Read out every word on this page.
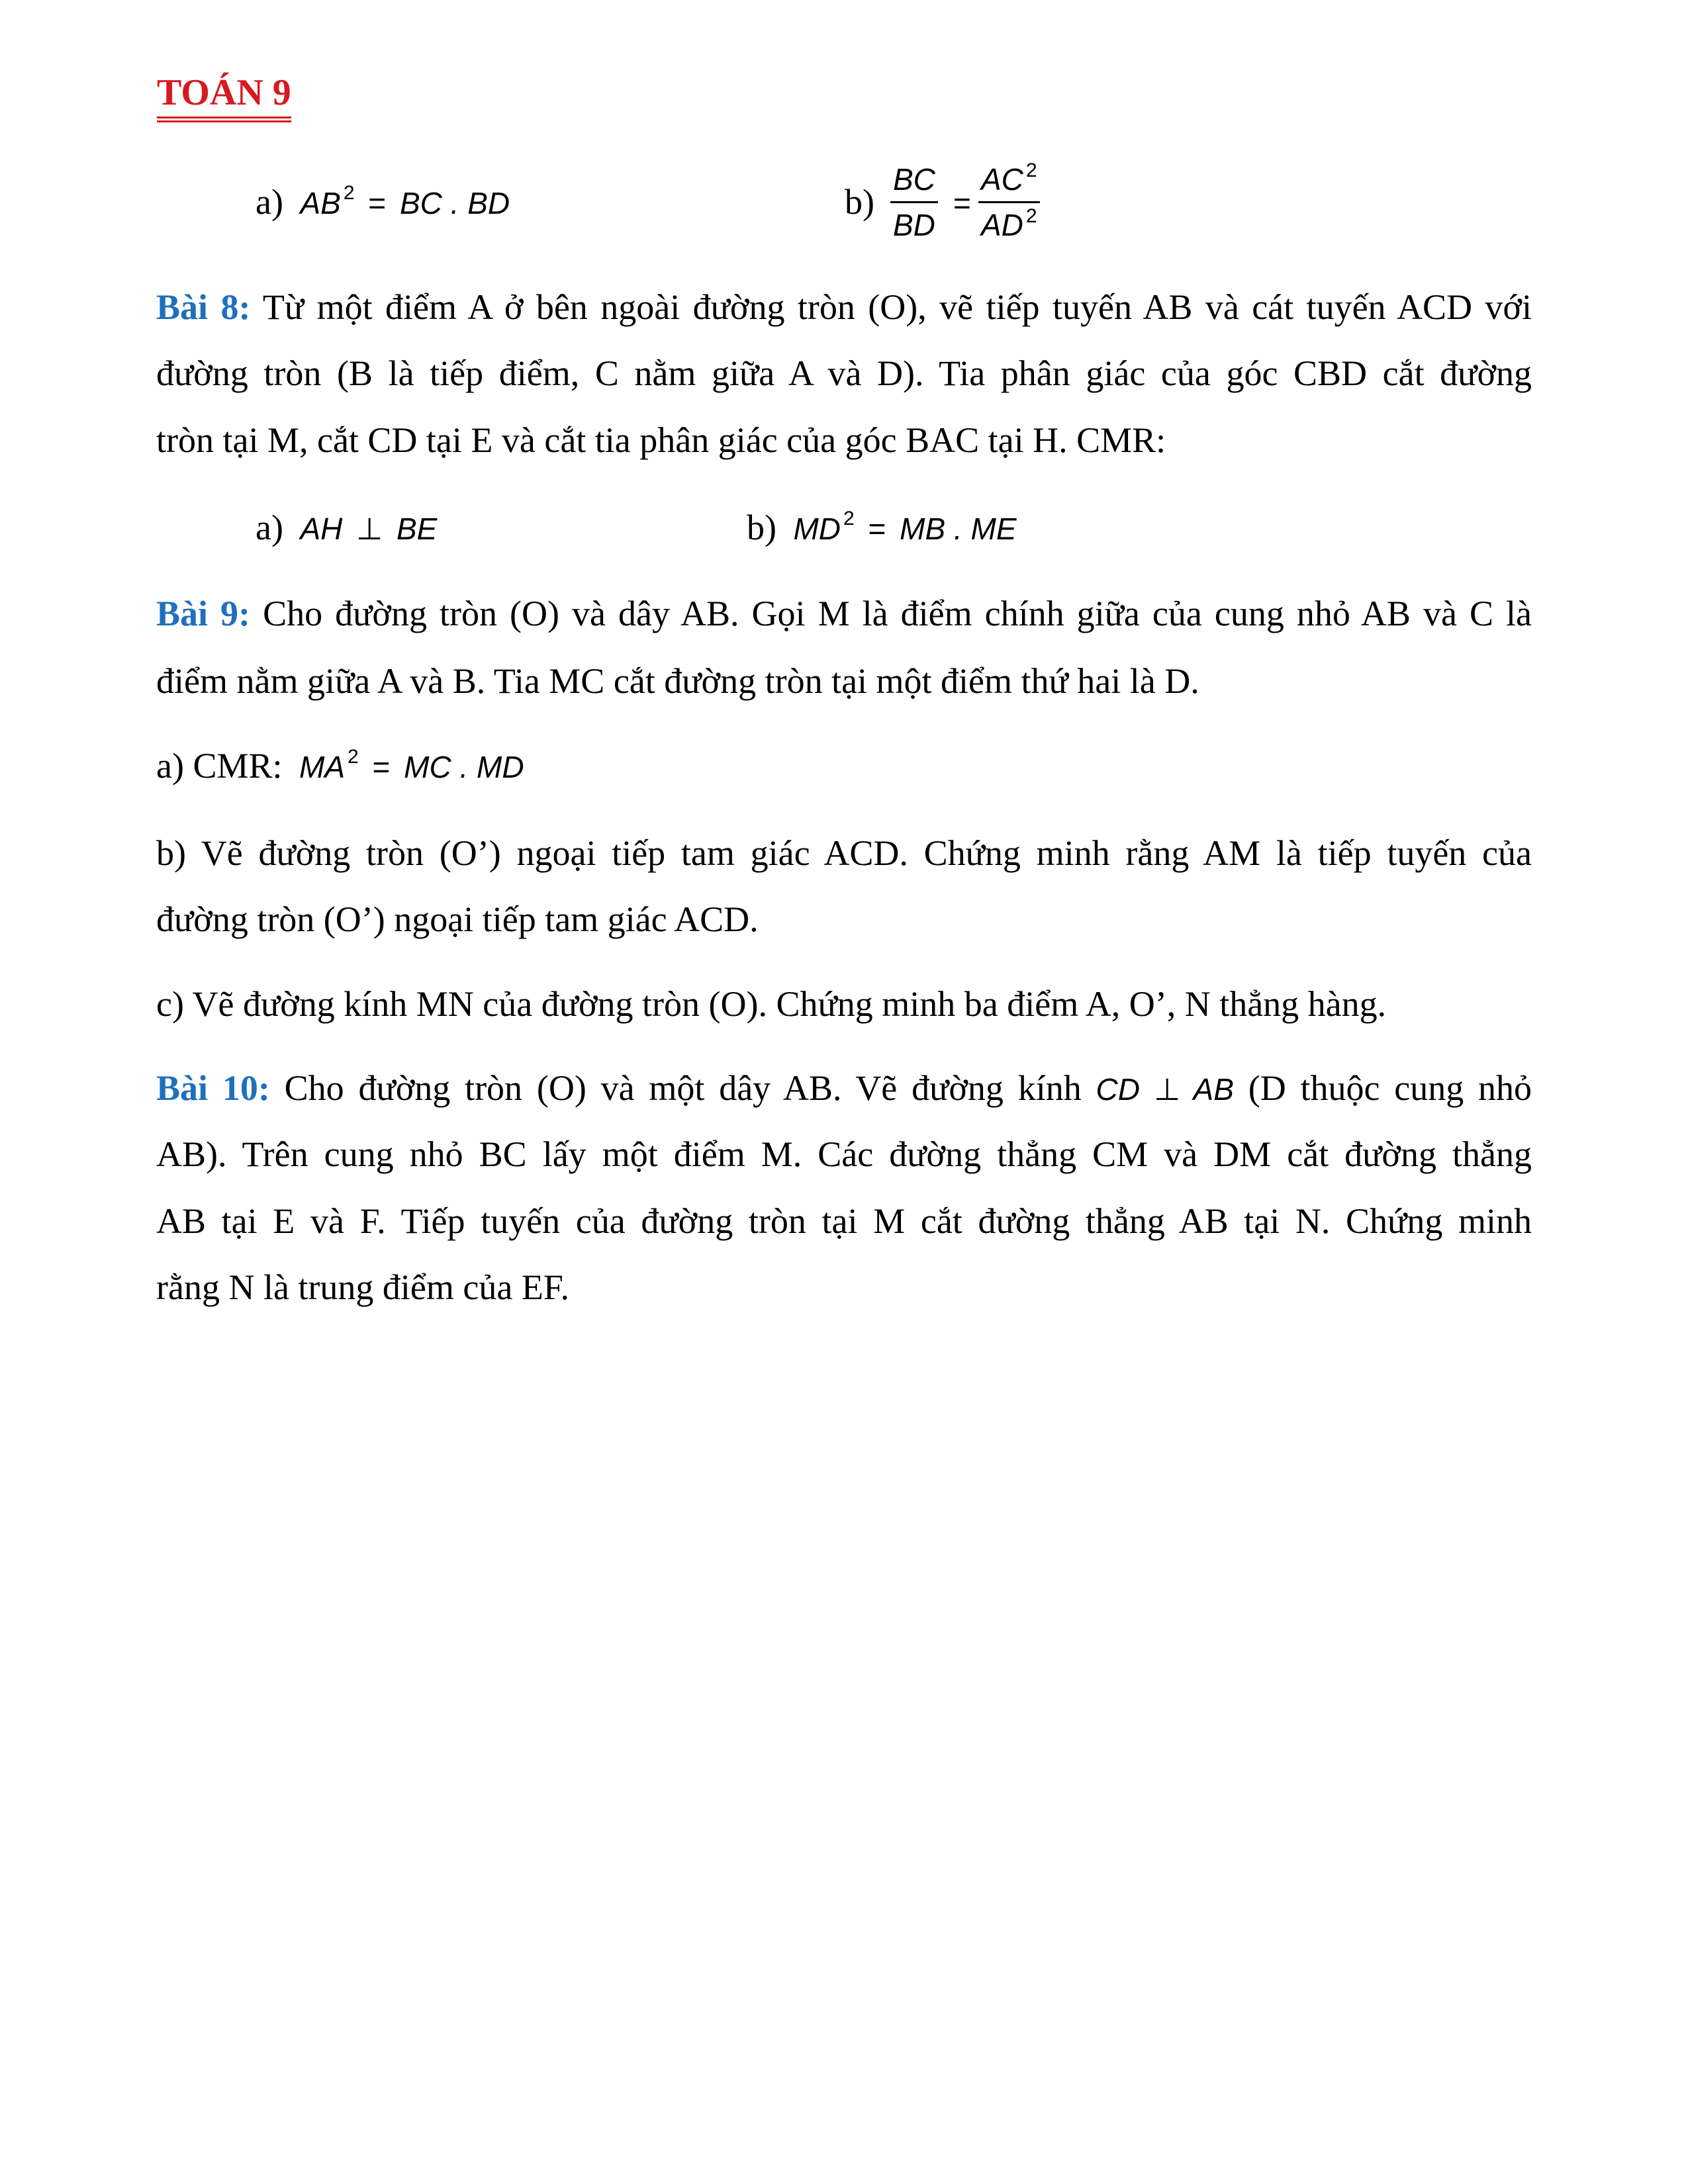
TOÁN 9
a) AB $^2$ = BC . BD	$b) \frac{BC}{BD} = \frac{AC ^2}{AD ^2}$
Bài 8: Từ một điểm A ở bên ngoài đường tròn (O), vẽ tiếp tuyến AB và cát tuyến ACD với
đường tròn (B là tiếp điểm, C nằm giữa A và D). Tia phân giác của góc CBD cắt đường
tròn tại M, cắt CD tại E và cắt tia phân giác của góc BAC tại H. CMR:
a) AH ⊥ BE	b) MD $^2$ = MB . ME
Bài 9: Cho đường tròn (O) và dây AB. Gọi M là điểm chính giữa của cung nhỏ AB và C là
điểm nằm giữa A và B. Tia MC cắt đường tròn tại một điểm thứ hai là D.
a) CMR: MA $^2$ = MC . MD
b) Vẽ đường tròn (O’) ngoại tiếp tam giác ACD. Chứng minh rằng AM là tiếp tuyến của
đường tròn (O’) ngoại tiếp tam giác ACD.
c) Vẽ đường kính MN của đường tròn (O). Chứng minh ba điểm A, O’, N thẳng hàng.
Bài 10: Cho đường tròn (O) và một dây AB. Vẽ đường kính CD ⊥ AB (D thuộc cung nhỏ
AB). Trên cung nhỏ BC lấy một điểm M. Các đường thẳng CM và DM cắt đường thẳng
AB tại E và F. Tiếp tuyến của đường tròn tại M cắt đường thẳng AB tại N. Chứng minh
rằng N là trung điểm của EF.
